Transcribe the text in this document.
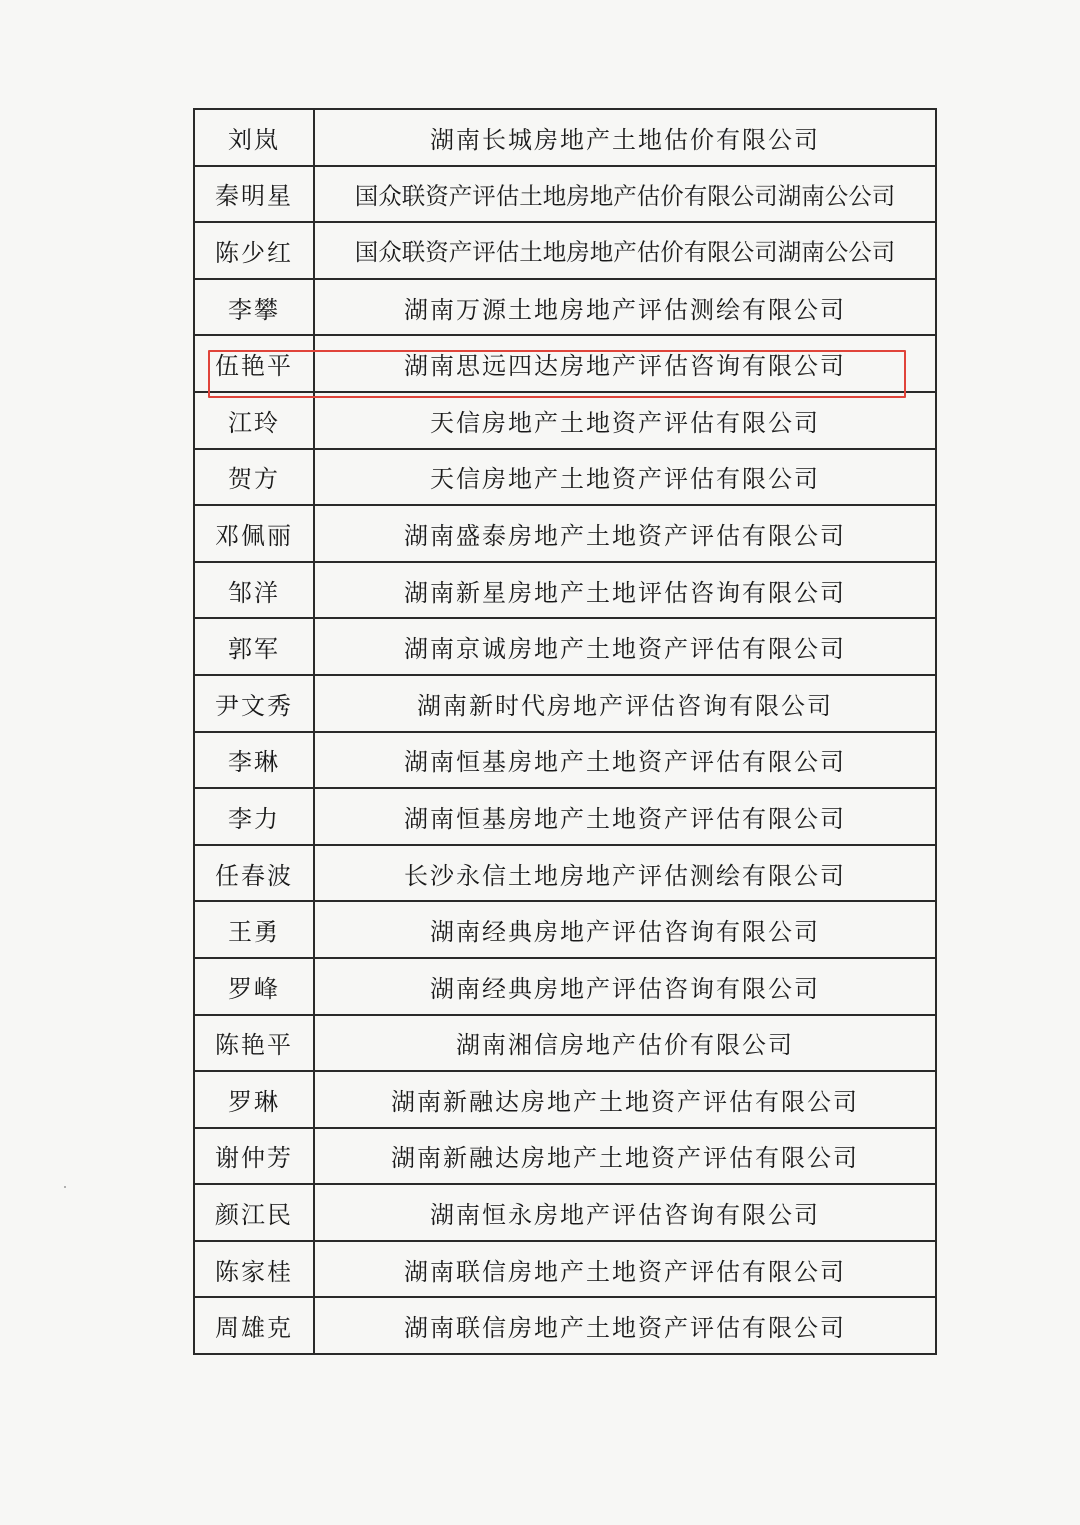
刘岚	湖南长城房地产土地估价有限公司
秦明星	国众联资产评估土地房地产估价有限公司湖南公公司
陈少红	国众联资产评估土地房地产估价有限公司湖南公公司
李攀	湖南万源土地房地产评估测绘有限公司
伍艳平	湖南思远四达房地产评估咨询有限公司
江玲	天信房地产土地资产评估有限公司
贺方	天信房地产土地资产评估有限公司
邓佩丽	湖南盛泰房地产土地资产评估有限公司
邹洋	湖南新星房地产土地评估咨询有限公司
郭军	湖南京诚房地产土地资产评估有限公司
尹文秀	湖南新时代房地产评估咨询有限公司
李琳	湖南恒基房地产土地资产评估有限公司
李力	湖南恒基房地产土地资产评估有限公司
任春波	长沙永信土地房地产评估测绘有限公司
王勇	湖南经典房地产评估咨询有限公司
罗峰	湖南经典房地产评估咨询有限公司
陈艳平	湖南湘信房地产估价有限公司
罗琳	湖南新融达房地产土地资产评估有限公司
谢仲芳	湖南新融达房地产土地资产评估有限公司
颜江民	湖南恒永房地产评估咨询有限公司
陈家桂	湖南联信房地产土地资产评估有限公司
周雄克	湖南联信房地产土地资产评估有限公司
